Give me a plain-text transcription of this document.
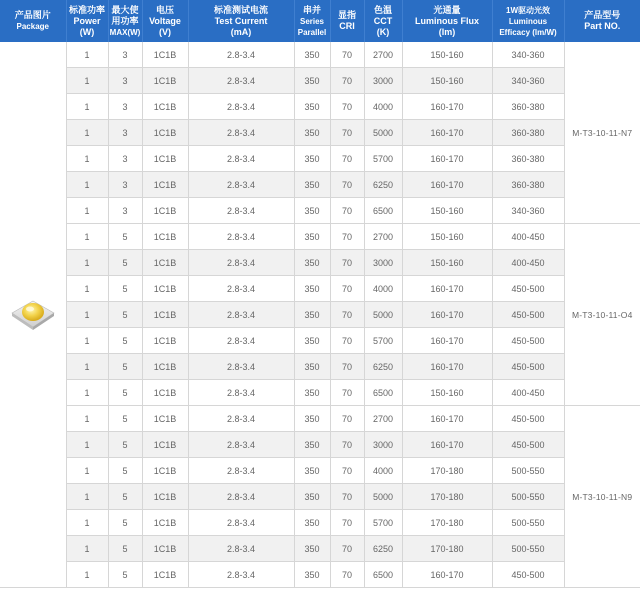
产品图片
Package	标准功率
Power
(W)	最大使
用功率
MAX(W)	电压
Voltage
(V)	标准测试电流
Test Current
(mA)	串并
Series
Parallel	显指
CRI	色温
CCT
(K)	光通量
Luminous Flux
(lm)	1W驱动光效
Luminous
Effіcacy (lm/W)	产品型号
Part NO.

	1	3	1C1B	2.8-3.4	350	70	2700	150-160	340-360	M-T3-10-11-N7
	1	3	1C1B	2.8-3.4	350	70	3000	150-160	340-360	
	1	3	1C1B	2.8-3.4	350	70	4000	160-170	360-380	
	1	3	1C1B	2.8-3.4	350	70	5000	160-170	360-380	
	1	3	1C1B	2.8-3.4	350	70	5700	160-170	360-380	
	1	3	1C1B	2.8-3.4	350	70	6250	160-170	360-380	
	1	3	1C1B	2.8-3.4	350	70	6500	150-160	340-360	
	1	5	1C1B	2.8-3.4	350	70	2700	150-160	400-450	M-T3-10-11-O4
	1	5	1C1B	2.8-3.4	350	70	3000	150-160	400-450	
	1	5	1C1B	2.8-3.4	350	70	4000	160-170	450-500	
	1	5	1C1B	2.8-3.4	350	70	5000	160-170	450-500	
	1	5	1C1B	2.8-3.4	350	70	5700	160-170	450-500	
	1	5	1C1B	2.8-3.4	350	70	6250	160-170	450-500	
	1	5	1C1B	2.8-3.4	350	70	6500	150-160	400-450	
	1	5	1C1B	2.8-3.4	350	70	2700	160-170	450-500	M-T3-10-11-N9
	1	5	1C1B	2.8-3.4	350	70	3000	160-170	450-500	
	1	5	1C1B	2.8-3.4	350	70	4000	170-180	500-550	
	1	5	1C1B	2.8-3.4	350	70	5000	170-180	500-550	
	1	5	1C1B	2.8-3.4	350	70	5700	170-180	500-550	
	1	5	1C1B	2.8-3.4	350	70	6250	170-180	500-550	
	1	5	1C1B	2.8-3.4	350	70	6500	160-170	450-500	
